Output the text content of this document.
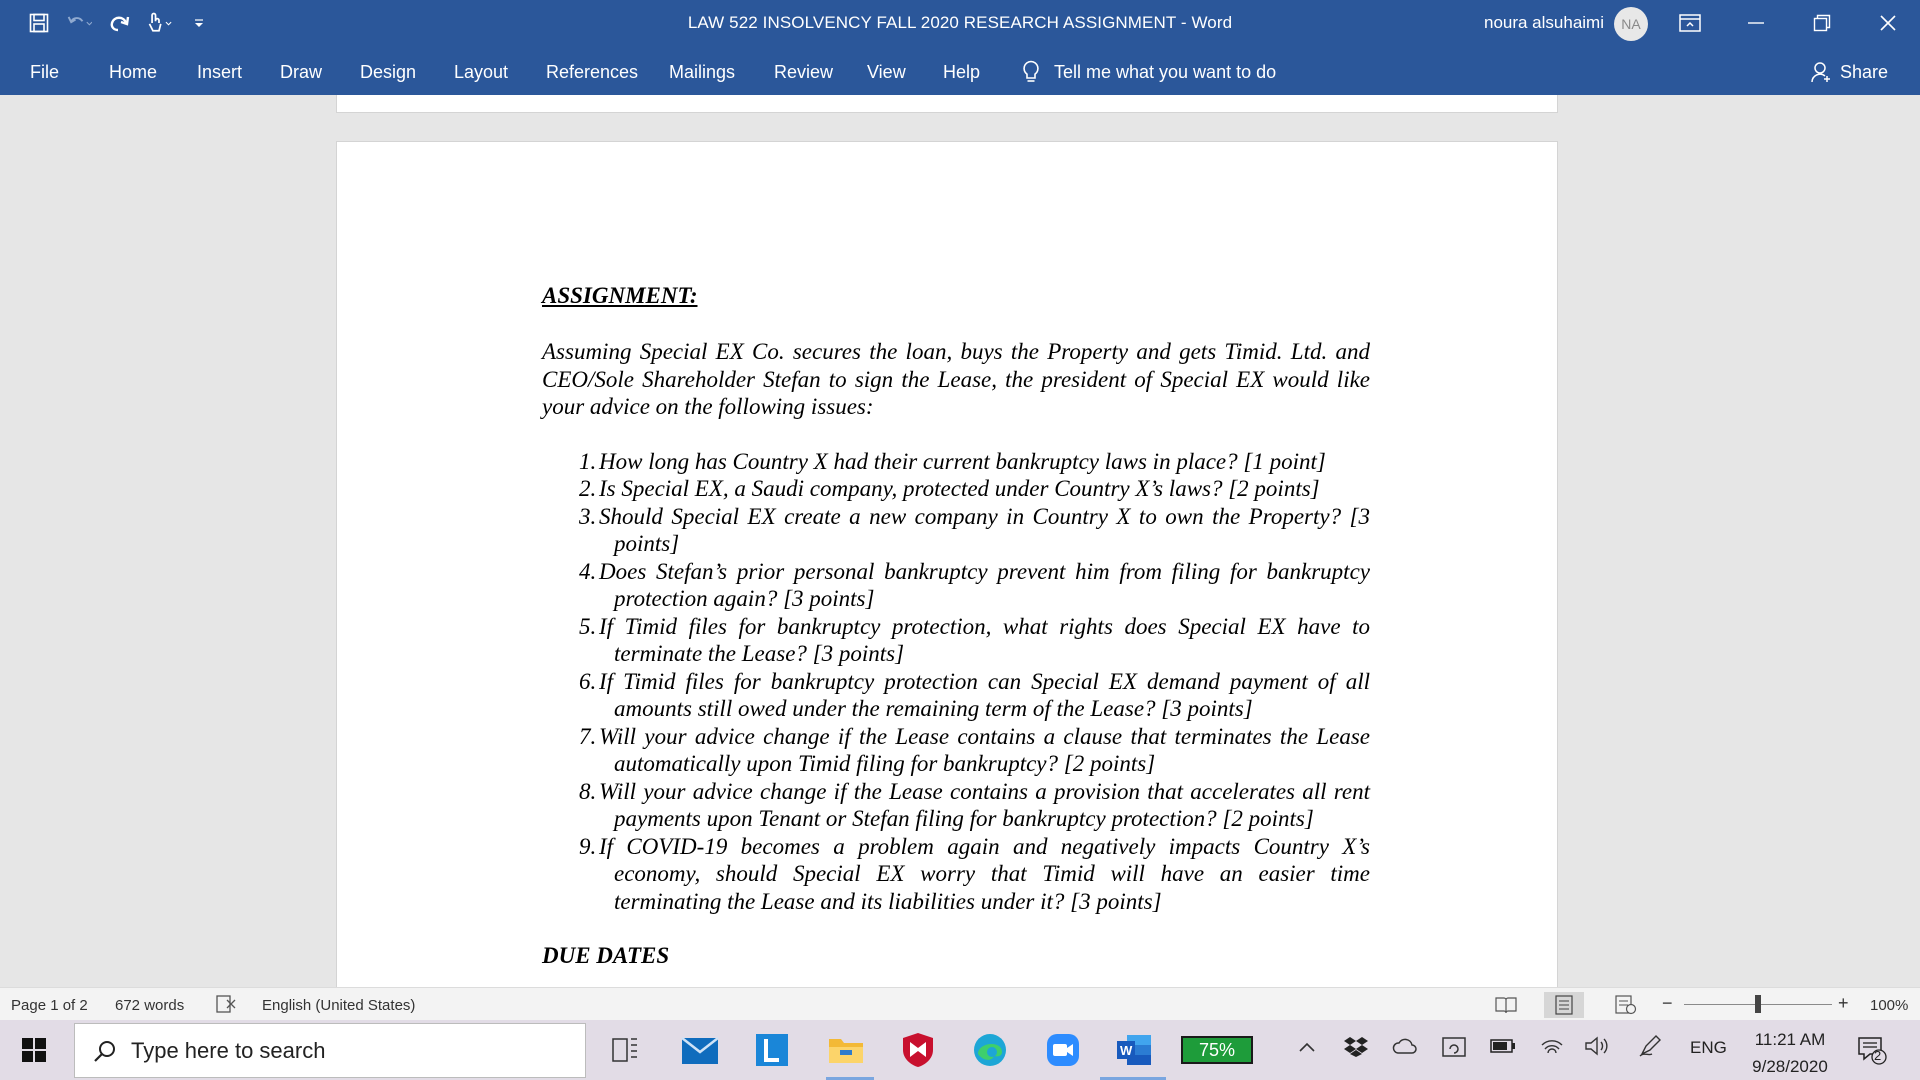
LAW 522 INSOLVENCY FALL 2020 RESEARCH ASSIGNMENT - Word	noura alsuhaimi	NA
File	Home Insert Draw Design Layout References Mailings Review View Help	Tell me what you want to do	Share
ASSIGNMENT:
Assuming Special EX Co. secures the loan, buys the Property and gets Timid. Ltd. and CEO/Sole Shareholder Stefan to sign the Lease, the president of Special EX would like your advice on the following issues:
1. How long has Country X had their current bankruptcy laws in place? [1 point]
2. Is Special EX, a Saudi company, protected under Country X’s laws? [2 points]
3. Should Special EX create a new company in Country X to own the Property? [3 points]
4. Does Stefan’s prior personal bankruptcy prevent him from filing for bankruptcy protection again? [3 points]
5. If Timid files for bankruptcy protection, what rights does Special EX have to terminate the Lease? [3 points]
6. If Timid files for bankruptcy protection can Special EX demand payment of all amounts still owed under the remaining term of the Lease? [3 points]
7. Will your advice change if the Lease contains a clause that terminates the Lease automatically upon Timid filing for bankruptcy? [2 points]
8. Will your advice change if the Lease contains a provision that accelerates all rent payments upon Tenant or Stefan filing for bankruptcy protection? [2 points]
9. If COVID-19 becomes a problem again and negatively impacts Country X’s economy, should Special EX worry that Timid will have an easier time terminating the Lease and its liabilities under it? [3 points]
DUE DATES
Page 1 of 2 672 words	English (United States)	−	+ 100%
Type here to search
W	75%	ENG	11:21 AM
9/28/2020
2
